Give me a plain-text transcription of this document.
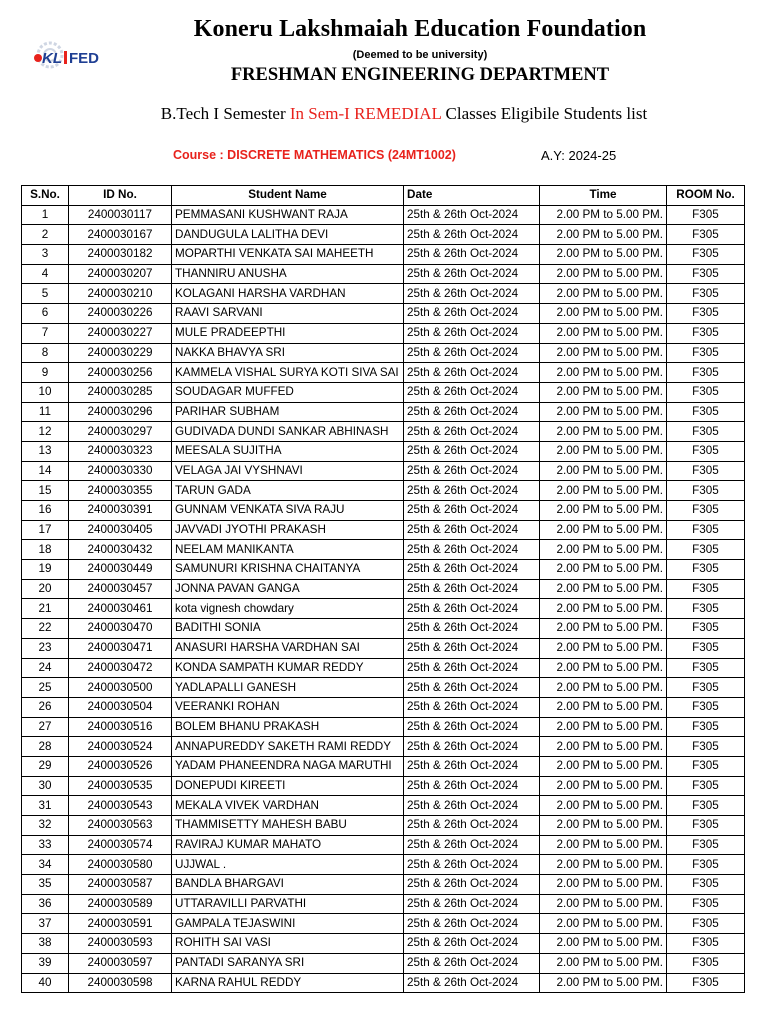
KL FED
Koneru Lakshmaiah Education Foundation
(Deemed to be university)
FRESHMAN ENGINEERING DEPARTMENT
B.Tech I Semester In Sem-I REMEDIAL Classes Eligibile Students list
Course : DISCRETE MATHEMATICS (24MT1002)	A.Y: 2024-25
S.No.	ID No.	Student Name	Date	Time	ROOM No.
1	2400030117	PEMMASANI KUSHWANT RAJA	25th & 26th Oct-2024	2.00 PM to 5.00 PM.	F305
2	2400030167	DANDUGULA LALITHA DEVI	25th & 26th Oct-2024	2.00 PM to 5.00 PM.	F305
3	2400030182	MOPARTHI VENKATA SAI MAHEETH	25th & 26th Oct-2024	2.00 PM to 5.00 PM.	F305
4	2400030207	THANNIRU ANUSHA	25th & 26th Oct-2024	2.00 PM to 5.00 PM.	F305
5	2400030210	KOLAGANI HARSHA VARDHAN	25th & 26th Oct-2024	2.00 PM to 5.00 PM.	F305
6	2400030226	RAAVI SARVANI	25th & 26th Oct-2024	2.00 PM to 5.00 PM.	F305
7	2400030227	MULE PRADEEPTHI	25th & 26th Oct-2024	2.00 PM to 5.00 PM.	F305
8	2400030229	NAKKA BHAVYA SRI	25th & 26th Oct-2024	2.00 PM to 5.00 PM.	F305
9	2400030256	KAMMELA VISHAL SURYA KOTI SIVA SAI	25th & 26th Oct-2024	2.00 PM to 5.00 PM.	F305
10	2400030285	SOUDAGAR MUFFED	25th & 26th Oct-2024	2.00 PM to 5.00 PM.	F305
11	2400030296	PARIHAR SUBHAM	25th & 26th Oct-2024	2.00 PM to 5.00 PM.	F305
12	2400030297	GUDIVADA DUNDI SANKAR ABHINASH	25th & 26th Oct-2024	2.00 PM to 5.00 PM.	F305
13	2400030323	MEESALA SUJITHA	25th & 26th Oct-2024	2.00 PM to 5.00 PM.	F305
14	2400030330	VELAGA JAI VYSHNAVI	25th & 26th Oct-2024	2.00 PM to 5.00 PM.	F305
15	2400030355	TARUN GADA	25th & 26th Oct-2024	2.00 PM to 5.00 PM.	F305
16	2400030391	GUNNAM VENKATA SIVA RAJU	25th & 26th Oct-2024	2.00 PM to 5.00 PM.	F305
17	2400030405	JAVVADI JYOTHI PRAKASH	25th & 26th Oct-2024	2.00 PM to 5.00 PM.	F305
18	2400030432	NEELAM MANIKANTA	25th & 26th Oct-2024	2.00 PM to 5.00 PM.	F305
19	2400030449	SAMUNURI KRISHNA CHAITANYA	25th & 26th Oct-2024	2.00 PM to 5.00 PM.	F305
20	2400030457	JONNA PAVAN GANGA	25th & 26th Oct-2024	2.00 PM to 5.00 PM.	F305
21	2400030461	kota vignesh chowdary	25th & 26th Oct-2024	2.00 PM to 5.00 PM.	F305
22	2400030470	BADITHI SONIA	25th & 26th Oct-2024	2.00 PM to 5.00 PM.	F305
23	2400030471	ANASURI HARSHA VARDHAN SAI	25th & 26th Oct-2024	2.00 PM to 5.00 PM.	F305
24	2400030472	KONDA SAMPATH KUMAR REDDY	25th & 26th Oct-2024	2.00 PM to 5.00 PM.	F305
25	2400030500	YADLAPALLI GANESH	25th & 26th Oct-2024	2.00 PM to 5.00 PM.	F305
26	2400030504	VEERANKI ROHAN	25th & 26th Oct-2024	2.00 PM to 5.00 PM.	F305
27	2400030516	BOLEM BHANU PRAKASH	25th & 26th Oct-2024	2.00 PM to 5.00 PM.	F305
28	2400030524	ANNAPUREDDY SAKETH RAMI REDDY	25th & 26th Oct-2024	2.00 PM to 5.00 PM.	F305
29	2400030526	YADAM PHANEENDRA NAGA MARUTHI	25th & 26th Oct-2024	2.00 PM to 5.00 PM.	F305
30	2400030535	DONEPUDI KIREETI	25th & 26th Oct-2024	2.00 PM to 5.00 PM.	F305
31	2400030543	MEKALA VIVEK VARDHAN	25th & 26th Oct-2024	2.00 PM to 5.00 PM.	F305
32	2400030563	THAMMISETTY MAHESH BABU	25th & 26th Oct-2024	2.00 PM to 5.00 PM.	F305
33	2400030574	RAVIRAJ KUMAR MAHATO	25th & 26th Oct-2024	2.00 PM to 5.00 PM.	F305
34	2400030580	UJJWAL .	25th & 26th Oct-2024	2.00 PM to 5.00 PM.	F305
35	2400030587	BANDLA BHARGAVI	25th & 26th Oct-2024	2.00 PM to 5.00 PM.	F305
36	2400030589	UTTARAVILLI PARVATHI	25th & 26th Oct-2024	2.00 PM to 5.00 PM.	F305
37	2400030591	GAMPALA TEJASWINI	25th & 26th Oct-2024	2.00 PM to 5.00 PM.	F305
38	2400030593	ROHITH SAI VASI	25th & 26th Oct-2024	2.00 PM to 5.00 PM.	F305
39	2400030597	PANTADI SARANYA SRI	25th & 26th Oct-2024	2.00 PM to 5.00 PM.	F305
40	2400030598	KARNA RAHUL REDDY	25th & 26th Oct-2024	2.00 PM to 5.00 PM.	F305
